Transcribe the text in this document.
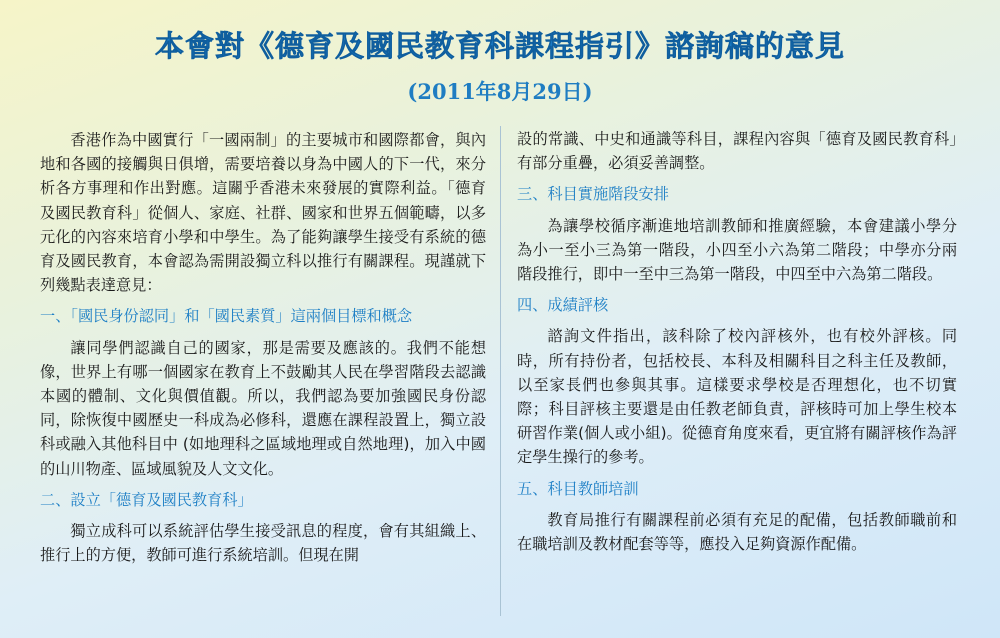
本會對《德育及國民教育科課程指引》諮詢稿的意見
(2011年8月29日)

香港作為中國實行「一國兩制」的主要城市和國際都會，與內地和各國的接觸與日俱增，需要培養以身為中國人的下一代，來分析各方事理和作出對應。這關乎香港未來發展的實際利益。「德育及國民教育科」從個人、家庭、社群、國家和世界五個範疇，以多元化的內容來培育小學和中學生。為了能夠讓學生接受有系統的德育及國民教育，本會認為需開設獨立科以推行有關課程。現謹就下列幾點表達意見：

一、「國民身份認同」和「國民素質」這兩個目標和概念

讓同學們認識自己的國家，那是需要及應該的。我們不能想像，世界上有哪一個國家在教育上不鼓勵其人民在學習階段去認識本國的體制、文化與價值觀。所以，我們認為要加強國民身份認同，除恢復中國歷史一科成為必修科，還應在課程設置上，獨立設科或融入其他科目中 (如地理科之區域地理或自然地理)，加入中國的山川物產、區域風貌及人文文化。

二、設立「德育及國民教育科」

獨立成科可以系統評估學生接受訊息的程度，會有其組織上、推行上的方便，教師可進行系統培訓。但現在開

設的常識、中史和通識等科目，課程內容與「德育及國民教育科」有部分重疊，必須妥善調整。

三、科目實施階段安排

為讓學校循序漸進地培訓教師和推廣經驗，本會建議小學分為小一至小三為第一階段，小四至小六為第二階段；中學亦分兩階段推行，即中一至中三為第一階段，中四至中六為第二階段。

四、成績評核

諮詢文件指出，該科除了校內評核外，也有校外評核。同時，所有持份者，包括校長、本科及相關科目之科主任及教師，以至家長們也參與其事。這樣要求學校是否理想化，也不切實際；科目評核主要還是由任教老師負責，評核時可加上學生校本研習作業(個人或小組)。從德育角度來看，更宜將有關評核作為評定學生操行的參考。

五、科目教師培訓

教育局推行有關課程前必須有充足的配備，包括教師職前和在職培訓及教材配套等等，應投入足夠資源作配備。
